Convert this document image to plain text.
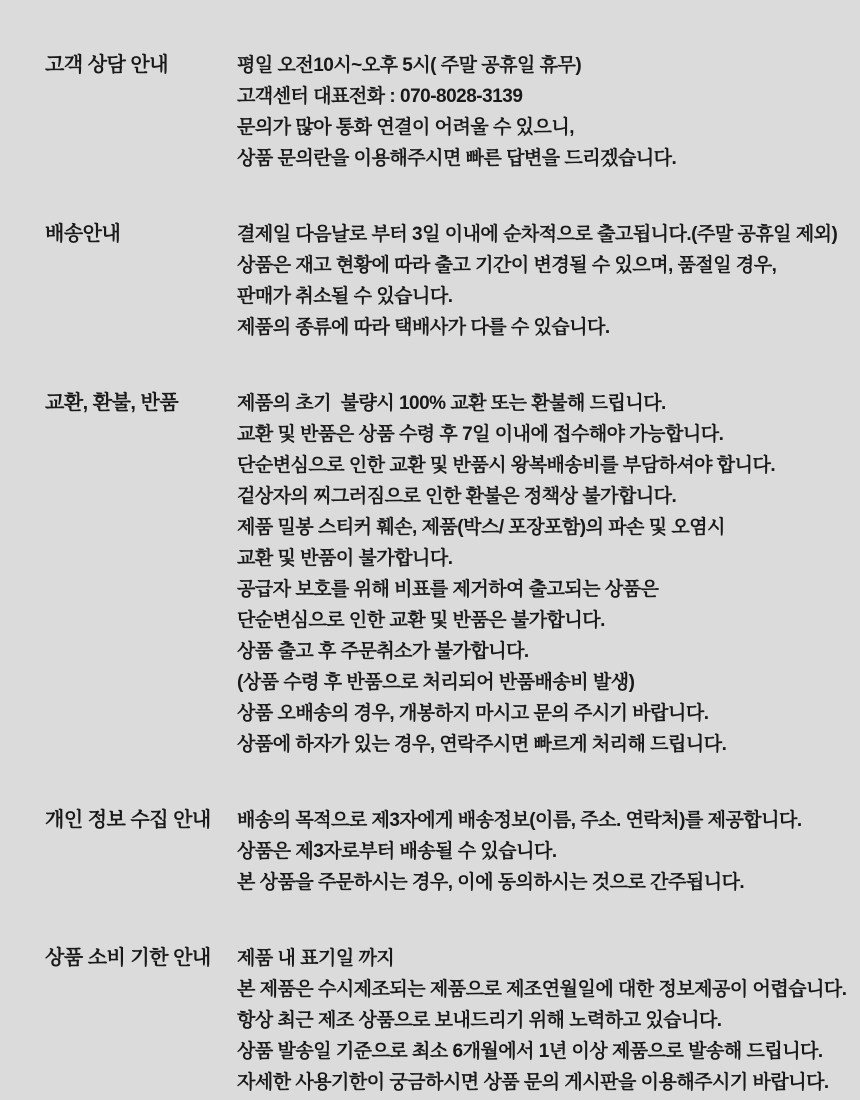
고객 상담 안내	평일 오전10시~오후 5시( 주말 공휴일 휴무)
고객센터 대표전화 : 070-8028-3139
문의가 많아 통화 연결이 어려울 수 있으니,
상품 문의란을 이용해주시면 빠른 답변을 드리겠습니다.
배송안내	결제일 다음날로 부터 3일 이내에 순차적으로 출고됩니다.(주말 공휴일 제외)
상품은 재고 현황에 따라 출고 기간이 변경될 수 있으며, 품절일 경우,
판매가 취소될 수 있습니다.
제품의 종류에 따라 택배사가 다를 수 있습니다.
교환, 환불, 반품	제품의 초기  불량시 100% 교환 또는 환불해 드립니다.
교환 및 반품은 상품 수령 후 7일 이내에 접수해야 가능합니다.
단순변심으로 인한 교환 및 반품시 왕복배송비를 부담하셔야 합니다.
겉상자의 찌그러짐으로 인한 환불은 정책상 불가합니다.
제품 밀봉 스티커 훼손, 제품(박스/ 포장포함)의 파손 및 오염시
교환 및 반품이 불가합니다.
공급자 보호를 위해 비표를 제거하여 출고되는 상품은
단순변심으로 인한 교환 및 반품은 불가합니다.
상품 출고 후 주문취소가 불가합니다.
(상품 수령 후 반품으로 처리되어 반품배송비 발생)
상품 오배송의 경우, 개봉하지 마시고 문의 주시기 바랍니다.
상품에 하자가 있는 경우, 연락주시면 빠르게 처리해 드립니다.
개인 정보 수집 안내	배송의 목적으로 제3자에게 배송정보(이름, 주소. 연락처)를 제공합니다.
상품은 제3자로부터 배송될 수 있습니다.
본 상품을 주문하시는 경우, 이에 동의하시는 것으로 간주됩니다.
상품 소비 기한 안내	제품 내 표기일 까지
본 제품은 수시제조되는 제품으로 제조연월일에 대한 정보제공이 어렵습니다.
항상 최근 제조 상품으로 보내드리기 위해 노력하고 있습니다.
상품 발송일 기준으로 최소 6개월에서 1년 이상 제품으로 발송해 드립니다.
자세한 사용기한이 궁금하시면 상품 문의 게시판을 이용해주시기 바랍니다.
